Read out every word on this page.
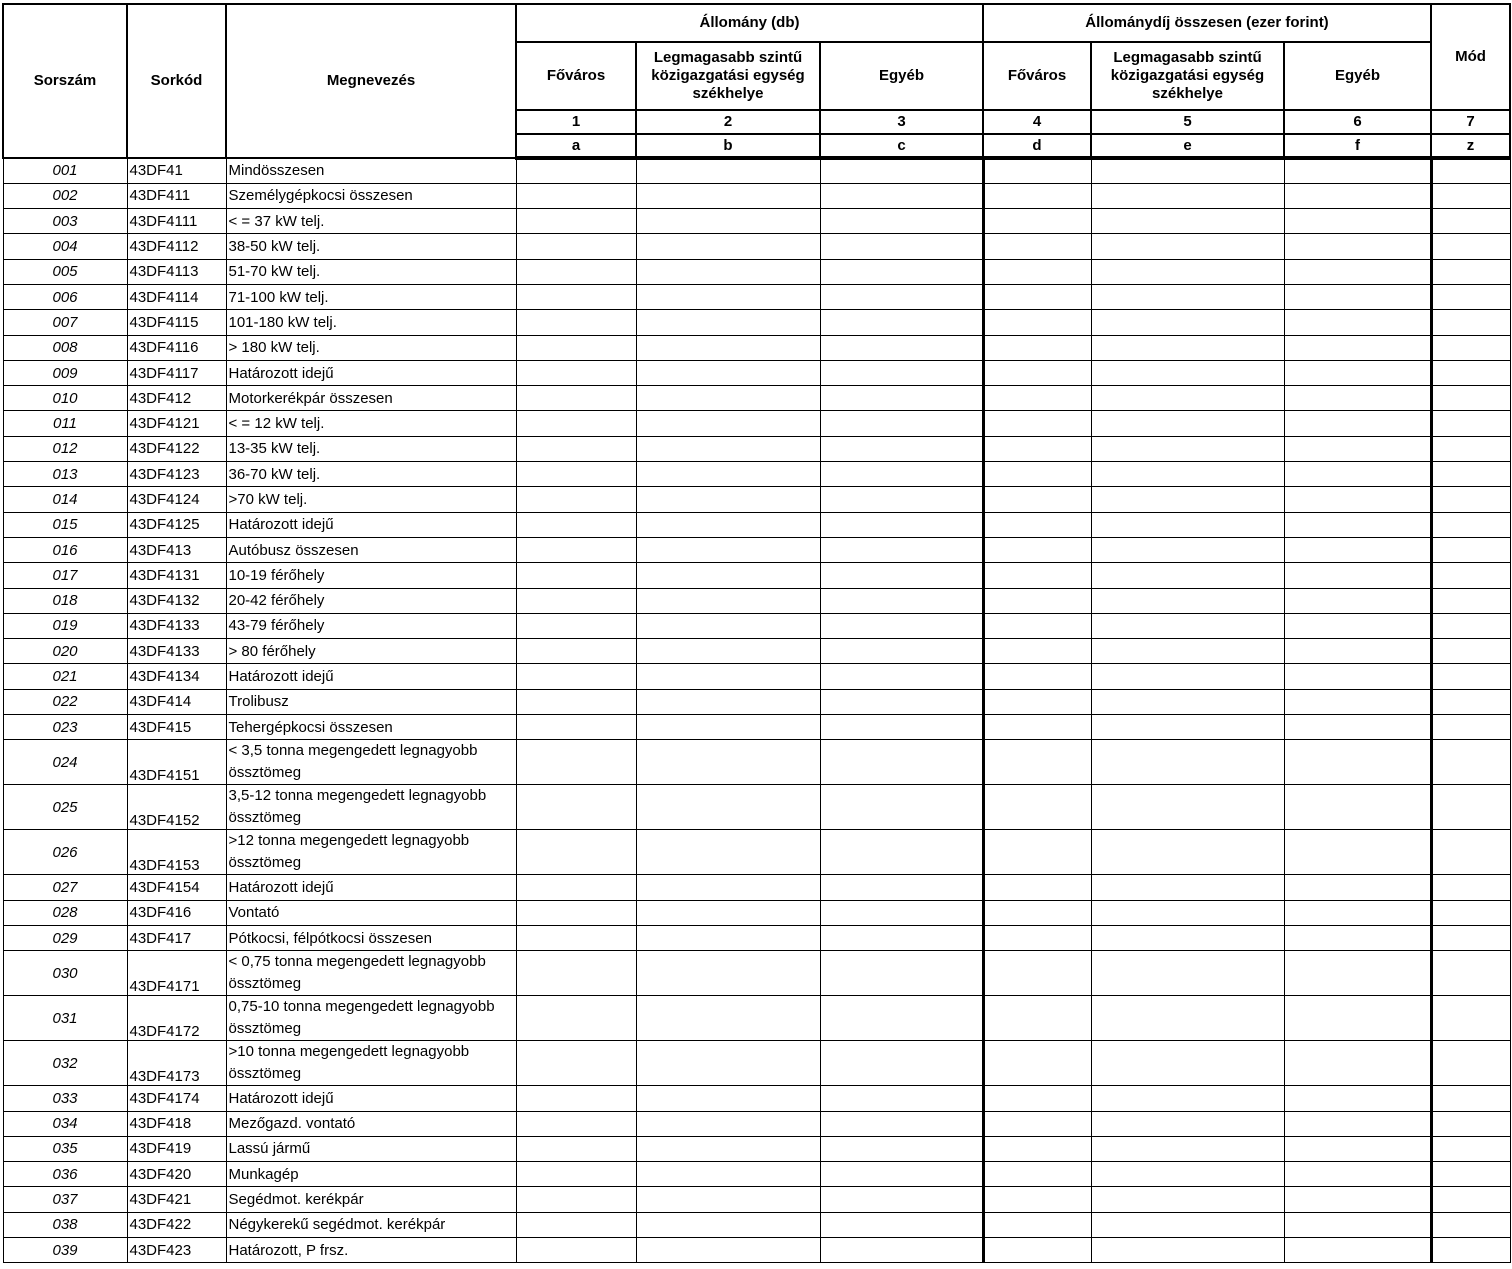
Sorszám	Sorkód	Megnevezés	Állomány (db)			Állománydíj összesen (ezer forint)			Mód
			Főváros	Legmagasabb szintű közigazgatási egység székhelye	Egyéb	Főváros	Legmagasabb szintű közigazgatási egység székhelye	Egyéb	
			1	2	3	4	5	6	7
			a	b	c	d	e	f	z
001	43DF41	Mindösszesen							
002	43DF411	Személygépkocsi összesen							
003	43DF4111	< = 37 kW telj.							
004	43DF4112	38-50 kW telj.							
005	43DF4113	51-70 kW telj.							
006	43DF4114	71-100 kW telj.							
007	43DF4115	101-180 kW telj.							
008	43DF4116	> 180 kW telj.							
009	43DF4117	Határozott idejű							
010	43DF412	Motorkerékpár összesen							
011	43DF4121	< = 12 kW telj.							
012	43DF4122	13-35 kW telj.							
013	43DF4123	36-70 kW telj.							
014	43DF4124	>70 kW telj.							
015	43DF4125	Határozott idejű							
016	43DF413	Autóbusz összesen							
017	43DF4131	10-19 férőhely							
018	43DF4132	20-42 férőhely							
019	43DF4133	43-79 férőhely							
020	43DF4133	> 80 férőhely							
021	43DF4134	Határozott idejű							
022	43DF414	Trolibusz							
023	43DF415	Tehergépkocsi összesen							
024	43DF4151	< 3,5 tonna megengedett legnagyobb össztömeg							
025	43DF4152	3,5-12 tonna megengedett legnagyobb össztömeg							
026	43DF4153	>12 tonna megengedett legnagyobb össztömeg							
027	43DF4154	Határozott idejű							
028	43DF416	Vontató							
029	43DF417	Pótkocsi, félpótkocsi összesen							
030	43DF4171	< 0,75 tonna megengedett legnagyobb össztömeg							
031	43DF4172	0,75-10 tonna megengedett legnagyobb össztömeg							
032	43DF4173	>10 tonna megengedett legnagyobb össztömeg							
033	43DF4174	Határozott idejű							
034	43DF418	Mezőgazd. vontató							
035	43DF419	Lassú jármű							
036	43DF420	Munkagép							
037	43DF421	Segédmot. kerékpár							
038	43DF422	Négykerekű segédmot. kerékpár							
039	43DF423	Határozott, P frsz.							
